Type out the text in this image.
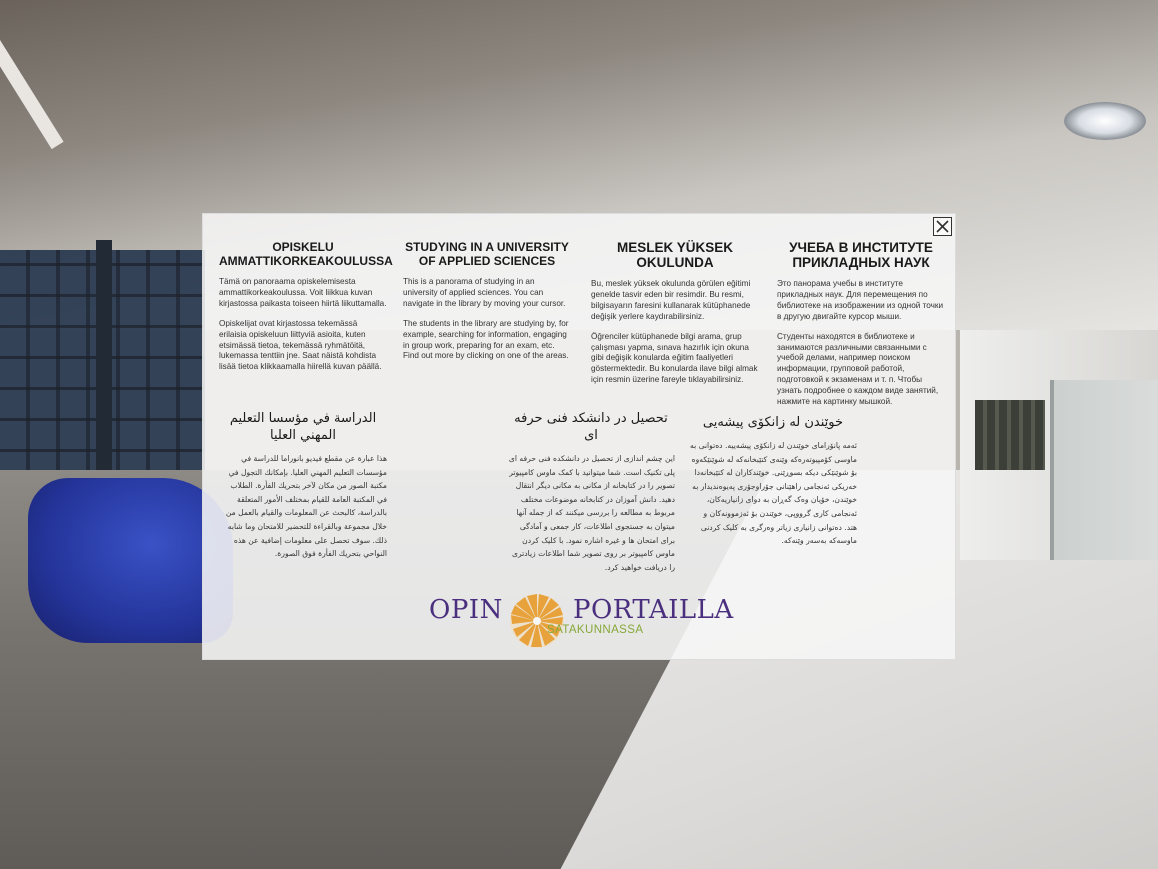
OPISKELU AMMATTIKORKEAKOULUSSA

Tämä on panoraama opiskelemisesta ammattikorkeakoulussa. Voit liikkua kuvan kirjastossa paikasta toiseen hiirtä liikuttamalla.

Opiskelijat ovat kirjastossa tekemässä erilaisia opiskeluun liittyviä asioita, kuten etsimässä tietoa, tekemässä ryhmätöitä, lukemassa tenttiin jne. Saat näistä kohdista lisää tietoa klikkaamalla hiirellä kuvan päällä.

STUDYING IN A UNIVERSITY OF APPLIED SCIENCES

This is a panorama of studying in an university of applied sciences. You can navigate in the library by moving your cursor.

The students in the library are studying by, for example, searching for information, engaging in group work, preparing for an exam, etc. Find out more by clicking on one of the areas.

MESLEK YÜKSEK OKULUNDA

Bu, meslek yüksek okulunda görülen eğitimi genelde tasvir eden bir resimdir. Bu resmi, bilgisayarın faresini kullanarak kütüphanede değişik yerlere kaydırabilirsiniz.

Öğrenciler kütüphanede bilgi arama, grup çalışması yapma, sınava hazırlık için okuna gibi değişik konularda eğitim faaliyetleri göstermektedir. Bu konularda ilave bilgi almak için resmin üzerine fareyle tıklayabilirsiniz.

УЧЕБА В ИНСТИТУТЕ ПРИКЛАДНЫХ НАУК

Это панорама учебы в институте прикладных наук. Для перемещения по библиотеке на изображении из одной точки в другую двигайте курсор мыши.

Студенты находятся в библиотеке и занимаются различными связанными с учебой делами, например поиском информации, групповой работой, подготовкой к экзаменам и т. п. Чтобы узнать подробнее о каждом виде занятий, нажмите на картинку мышкой.

الدراسة في مؤسسا التعليم المهني العليا

هذا عبارة عن مقطع فيديو بانوراما للدراسة في مؤسسات التعليم المهني العليا. بإمكانك التجول في مكتبة الصور من مكان لآخر بتحريك الفأرة. الطلاب في المكتبة العامة للقيام بمختلف الأمور المتعلقة بالدراسة، كالبحث عن المعلومات والقيام بالعمل من خلال مجموعة وبالقراءة للتحضير للامتحان وما شابه ذلك. سوف تحصل على معلومات إضافية عن هذه النواحي بتحريك الفأرة فوق الصورة.

تحصیل در دانشکد فنی حرفه ای

این چشم اندازی از تحصیل در دانشکده فنی حرفه ای پلی تکنیک است. شما میتوانید با کمک ماوس کامپیوتر تصویر را در کتابخانه از مکانی به مکانی دیگر انتقال دهید. دانش آموزان در کتابخانه موضوعات مختلف مربوط به مطالعه را بررسی میکنند که از جمله آنها میتوان به جستجوی اطلاعات، کار جمعی و آمادگی برای امتحان ها و غیره اشاره نمود. با کلیک کردن ماوس کامپیوتر بر روی تصویر شما اطلاعات زیادتری را دریافت خواهید کرد.

خوێندن لە زانکۆی پیشەیی

ئەمە پانۆرامای خوێندن لە زانکۆی پیشەییە. دەتوانی بە ماوسی کۆمپیوتەرەکە وێنەی کتێبخانەکە لە شوێنێکەوە بۆ شوێنێکی دیکە بسوڕێنی. خوێندکاران لە کتێبخانەدا خەریکی ئەنجامی راهێنانی جۆراوجۆری پەیوەندیدار بە خوێندن، خۆیان وەک گەڕان بە دوای زانیاریەکان، ئەنجامی کاری گرووپی، خوێندن بۆ ئەزموونەکان و هتد. دەتوانی زانیاری زیاتر وەرگری بە کلیک کردنی ماوسەکە بەسەر وێنەکە.

OPIN	PORTAILLA
SATAKUNNASSA
